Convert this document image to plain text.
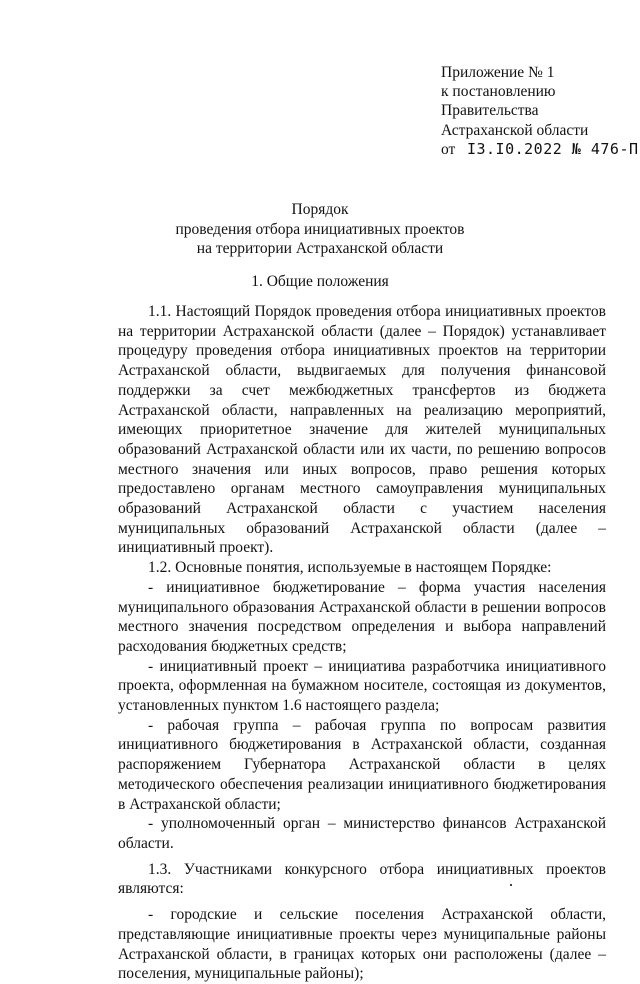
Приложение № 1
к постановлению
Правительства
Астраханской области
от I3.I0.2022 № 476-П
Порядок
проведения отбора инициативных проектов
на территории Астраханской области
1. Общие положения

1.1. Настоящий Порядок проведения отбора инициативных проектов на территории Астраханской области (далее – Порядок) устанавливает процедуру проведения отбора инициативных проектов на территории Астраханской области, выдвигаемых для получения финансовой поддержки за счет межбюджетных трансфертов из бюджета Астраханской области, направленных на реализацию мероприятий, имеющих приоритетное значение для жителей муниципальных образований Астраханской области или их части, по решению вопросов местного значения или иных вопросов, право решения которых предоставлено органам местного самоуправления муниципальных образований Астраханской области с участием населения муниципальных образований Астраханской области (далее – инициативный проект).

1.2. Основные понятия, используемые в настоящем Порядке:

- инициативное бюджетирование – форма участия населения муниципального образования Астраханской области в решении вопросов местного значения посредством определения и выбора направлений расходования бюджетных средств;

- инициативный проект – инициатива разработчика инициативного проекта, оформленная на бумажном носителе, состоящая из документов, установленных пунктом 1.6 настоящего раздела;

- рабочая группа – рабочая группа по вопросам развития инициативного бюджетирования в Астраханской области, созданная распоряжением Губернатора Астраханской области в целях методического обеспечения реализации инициативного бюджетирования в Астраханской области;

- уполномоченный орган – министерство финансов Астраханской области.

1.3. Участниками конкурсного отбора инициативных проектов являются:

- городские и сельские поселения Астраханской области, представляющие инициативные проекты через муниципальные районы Астраханской области, в границах которых они расположены (далее – поселения, муниципальные районы);
